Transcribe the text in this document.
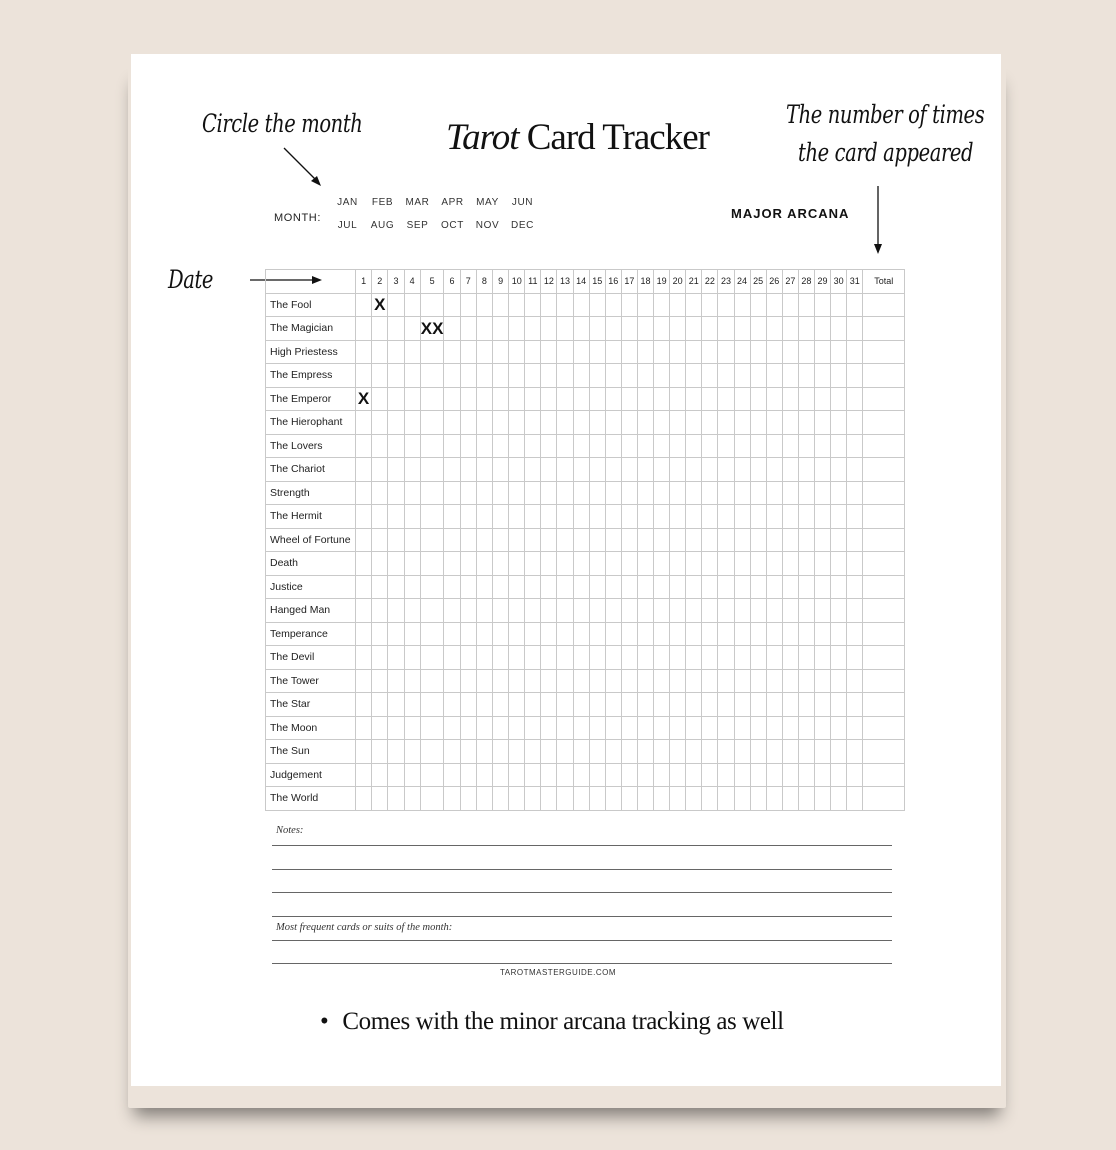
Circle the month	The number of times
the card appeared
Date
Tarot Card Tracker
MONTH:
JAN	FEB	MAR	APR	MAY	JUN
JUL	AUG	SEP	OCT	NOV	DEC
MAJOR ARCANA
	1	2	3	4	5	6	7	8	9	10	11	12	13	14	15	16	17	18	19	20	21	22	23	24	25	26	27	28	29	30	31	Total
The Fool		X																														
The Magician					XX																											
High Priestess																																
The Empress																																
The Emperor	X																															
The Hierophant																																
The Lovers																																
The Chariot																																
Strength																																
The Hermit																																
Wheel of Fortune																																
Death																																
Justice																																
Hanged Man																																
Temperance																																
The Devil																																
The Tower																																
The Star																																
The Moon																																
The Sun																																
Judgement																																
The World																																
Notes:
Most frequent cards or suits of the month:
TAROTMASTERGUIDE.COM
• Comes with the minor arcana tracking as well
